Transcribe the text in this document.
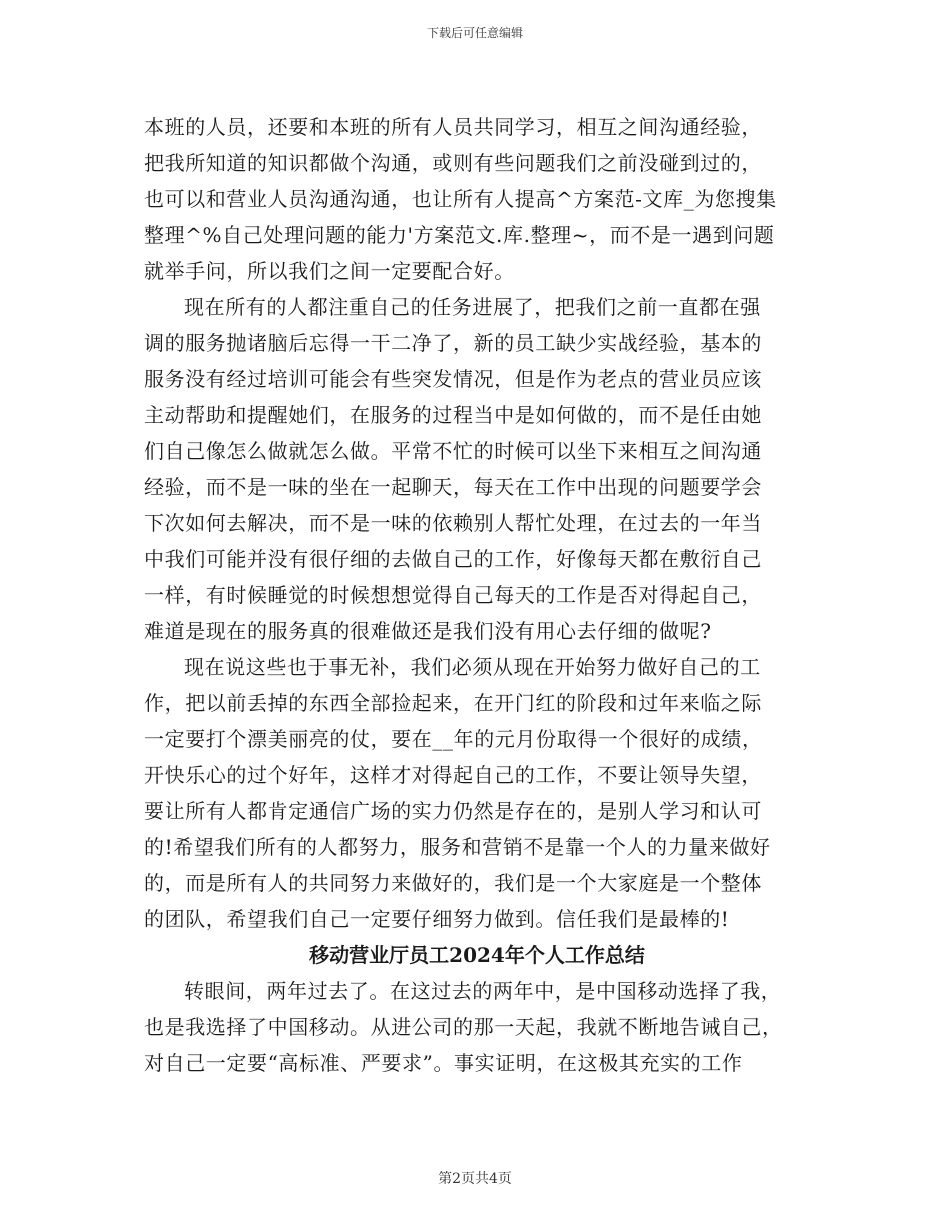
下载后可任意编辑
本班的人员，还要和本班的所有人员共同学习，相互之间沟通经验，
把我所知道的知识都做个沟通，或则有些问题我们之前没碰到过的，
也可以和营业人员沟通沟通，也让所有人提高^方案范-文库_为您搜集
整理^%自己处理问题的能力'方案范文.库.整理~，而不是一遇到问题
就举手问，所以我们之间一定要配合好。
现在所有的人都注重自己的任务进展了，把我们之前一直都在强
调的服务抛诸脑后忘得一干二净了，新的员工缺少实战经验，基本的
服务没有经过培训可能会有些突发情况，但是作为老点的营业员应该
主动帮助和提醒她们，在服务的过程当中是如何做的，而不是任由她
们自己像怎么做就怎么做。平常不忙的时候可以坐下来相互之间沟通
经验，而不是一味的坐在一起聊天，每天在工作中出现的问题要学会
下次如何去解决，而不是一味的依赖别人帮忙处理，在过去的一年当
中我们可能并没有很仔细的去做自己的工作，好像每天都在敷衍自己
一样，有时候睡觉的时候想想觉得自己每天的工作是否对得起自己，
难道是现在的服务真的很难做还是我们没有用心去仔细的做呢?
现在说这些也于事无补，我们必须从现在开始努力做好自己的工
作，把以前丢掉的东西全部捡起来，在开门红的阶段和过年来临之际
一定要打个漂美丽亮的仗，要在__年的元月份取得一个很好的成绩，
开快乐心的过个好年，这样才对得起自己的工作，不要让领导失望，
要让所有人都肯定通信广场的实力仍然是存在的，是别人学习和认可
的!希望我们所有的人都努力，服务和营销不是靠一个人的力量来做好
的，而是所有人的共同努力来做好的，我们是一个大家庭是一个整体
的团队，希望我们自己一定要仔细努力做到。信任我们是最棒的!
移动营业厅员工2024年个人工作总结
转眼间，两年过去了。在这过去的两年中，是中国移动选择了我，
也是我选择了中国移动。从进公司的那一天起，我就不断地告诫自己，
对自己一定要“高标准、严要求”。事实证明，在这极其充实的工作
第2页共4页
